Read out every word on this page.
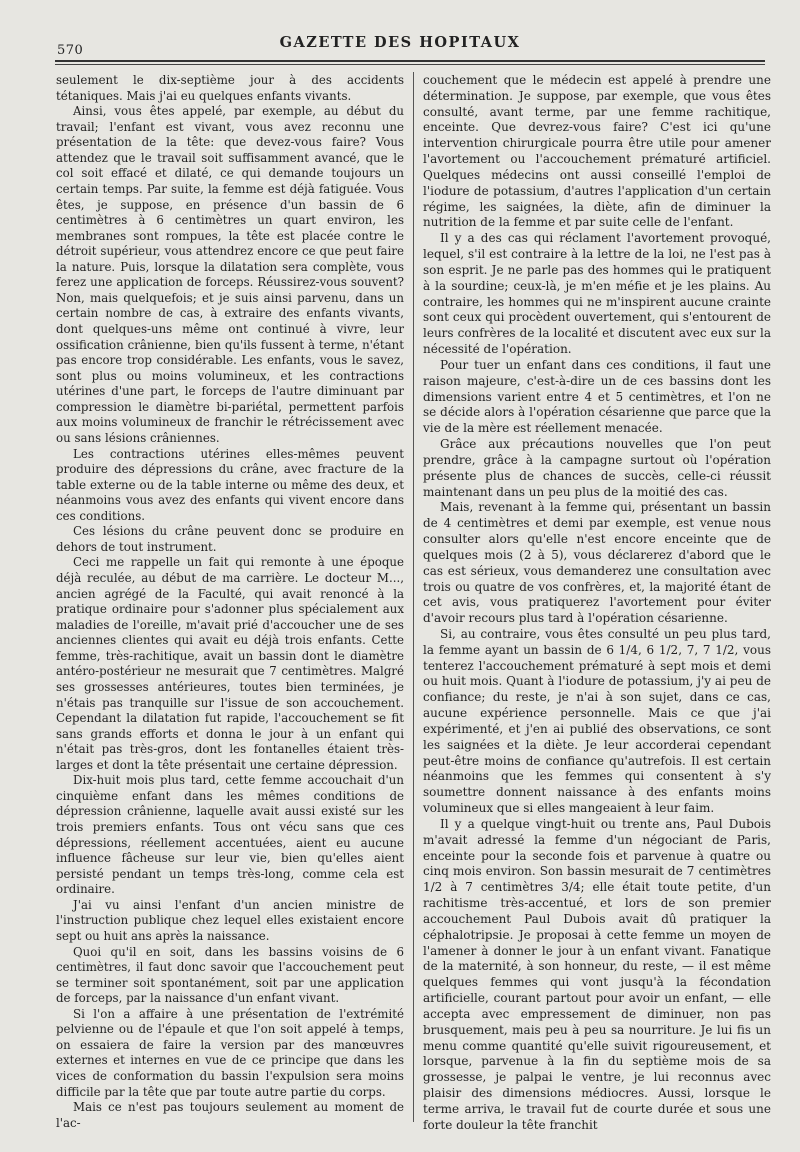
570	GAZETTE DES HOPITAUX

seulement le dix-septième jour à des accidents tétaniques. Mais j'ai eu quelques enfants vivants.

Ainsi, vous êtes appelé, par exemple, au début du travail; l'enfant est vivant, vous avez reconnu une présentation de la tête: que devez-vous faire? Vous attendez que le travail soit suffisamment avancé, que le col soit effacé et dilaté, ce qui demande toujours un certain temps. Par suite, la femme est déjà fatiguée. Vous êtes, je suppose, en présence d'un bassin de 6 centimètres à 6 centimètres un quart environ, les membranes sont rompues, la tête est placée contre le détroit supérieur, vous attendrez encore ce que peut faire la nature. Puis, lorsque la dilatation sera complète, vous ferez une application de forceps. Réussirez-vous souvent? Non, mais quelquefois; et je suis ainsi parvenu, dans un certain nombre de cas, à extraire des enfants vivants, dont quelques-uns même ont continué à vivre, leur ossification crânienne, bien qu'ils fussent à terme, n'étant pas encore trop considérable. Les enfants, vous le savez, sont plus ou moins volumineux, et les contractions utérines d'une part, le forceps de l'autre diminuant par compression le diamètre bi-pariétal, permettent parfois aux moins volumineux de franchir le rétrécissement avec ou sans lésions crâniennes.

Les contractions utérines elles-mêmes peuvent produire des dépressions du crâne, avec fracture de la table externe ou de la table interne ou même des deux, et néanmoins vous avez des enfants qui vivent encore dans ces conditions.

Ces lésions du crâne peuvent donc se produire en dehors de tout instrument.

Ceci me rappelle un fait qui remonte à une époque déjà reculée, au début de ma carrière. Le docteur M..., ancien agrégé de la Faculté, qui avait renoncé à la pratique ordinaire pour s'adonner plus spécialement aux maladies de l'oreille, m'avait prié d'accoucher une de ses anciennes clientes qui avait eu déjà trois enfants. Cette femme, très-rachitique, avait un bassin dont le diamètre antéro-postérieur ne mesurait que 7 centimètres. Malgré ses grossesses antérieures, toutes bien terminées, je n'étais pas tranquille sur l'issue de son accouchement. Cependant la dilatation fut rapide, l'accouchement se fit sans grands efforts et donna le jour à un enfant qui n'était pas très-gros, dont les fontanelles étaient très-larges et dont la tête présentait une certaine dépression.

Dix-huit mois plus tard, cette femme accouchait d'un cinquième enfant dans les mêmes conditions de dépression crânienne, laquelle avait aussi existé sur les trois premiers enfants. Tous ont vécu sans que ces dépressions, réellement accentuées, aient eu aucune influence fâcheuse sur leur vie, bien qu'elles aient persisté pendant un temps très-long, comme cela est ordinaire.

J'ai vu ainsi l'enfant d'un ancien ministre de l'instruction publique chez lequel elles existaient encore sept ou huit ans après la naissance.

Quoi qu'il en soit, dans les bassins voisins de 6 centimètres, il faut donc savoir que l'accouchement peut se terminer soit spontanément, soit par une application de forceps, par la naissance d'un enfant vivant.

Si l'on a affaire à une présentation de l'extrémité pelvienne ou de l'épaule et que l'on soit appelé à temps, on essaiera de faire la version par des manœuvres externes et internes en vue de ce principe que dans les vices de conformation du bassin l'expulsion sera moins difficile par la tête que par toute autre partie du corps.

Mais ce n'est pas toujours seulement au moment de l'ac-

couchement que le médecin est appelé à prendre une détermination. Je suppose, par exemple, que vous êtes consulté, avant terme, par une femme rachitique, enceinte. Que devrez-vous faire? C'est ici qu'une intervention chirurgicale pourra être utile pour amener l'avortement ou l'accouchement prématuré artificiel. Quelques médecins ont aussi conseillé l'emploi de l'iodure de potassium, d'autres l'application d'un certain régime, les saignées, la diète, afin de diminuer la nutrition de la femme et par suite celle de l'enfant.

Il y a des cas qui réclament l'avortement provoqué, lequel, s'il est contraire à la lettre de la loi, ne l'est pas à son esprit. Je ne parle pas des hommes qui le pratiquent à la sourdine; ceux-là, je m'en méfie et je les plains. Au contraire, les hommes qui ne m'inspirent aucune crainte sont ceux qui procèdent ouvertement, qui s'entourent de leurs confrères de la localité et discutent avec eux sur la nécessité de l'opération.

Pour tuer un enfant dans ces conditions, il faut une raison majeure, c'est-à-dire un de ces bassins dont les dimensions varient entre 4 et 5 centimètres, et l'on ne se décide alors à l'opération césarienne que parce que la vie de la mère est réellement menacée.

Grâce aux précautions nouvelles que l'on peut prendre, grâce à la campagne surtout où l'opération présente plus de chances de succès, celle-ci réussit maintenant dans un peu plus de la moitié des cas.

Mais, revenant à la femme qui, présentant un bassin de 4 centimètres et demi par exemple, est venue nous consulter alors qu'elle n'est encore enceinte que de quelques mois (2 à 5), vous déclarerez d'abord que le cas est sérieux, vous demanderez une consultation avec trois ou quatre de vos confrères, et, la majorité étant de cet avis, vous pratiquerez l'avortement pour éviter d'avoir recours plus tard à l'opération césarienne.

Si, au contraire, vous êtes consulté un peu plus tard, la femme ayant un bassin de 6 1/4, 6 1/2, 7, 7 1/2, vous tenterez l'accouchement prématuré à sept mois et demi ou huit mois. Quant à l'iodure de potassium, j'y ai peu de confiance; du reste, je n'ai à son sujet, dans ce cas, aucune expérience personnelle. Mais ce que j'ai expérimenté, et j'en ai publié des observations, ce sont les saignées et la diète. Je leur accorderai cependant peut-être moins de confiance qu'autrefois. Il est certain néanmoins que les femmes qui consentent à s'y soumettre donnent naissance à des enfants moins volumineux que si elles mangeaient à leur faim.

Il y a quelque vingt-huit ou trente ans, Paul Dubois m'avait adressé la femme d'un négociant de Paris, enceinte pour la seconde fois et parvenue à quatre ou cinq mois environ. Son bassin mesurait de 7 centimètres 1/2 à 7 centimètres 3/4; elle était toute petite, d'un rachitisme très-accentué, et lors de son premier accouchement Paul Dubois avait dû pratiquer la céphalotripsie. Je proposai à cette femme un moyen de l'amener à donner le jour à un enfant vivant. Fanatique de la maternité, à son honneur, du reste, — il est même quelques femmes qui vont jusqu'à la fécondation artificielle, courant partout pour avoir un enfant, — elle accepta avec empressement de diminuer, non pas brusquement, mais peu à peu sa nourriture. Je lui fis un menu comme quantité qu'elle suivit rigoureusement, et lorsque, parvenue à la fin du septième mois de sa grossesse, je palpai le ventre, je lui reconnus avec plaisir des dimensions médiocres. Aussi, lorsque le terme arriva, le travail fut de courte durée et sous une forte douleur la tête franchit
